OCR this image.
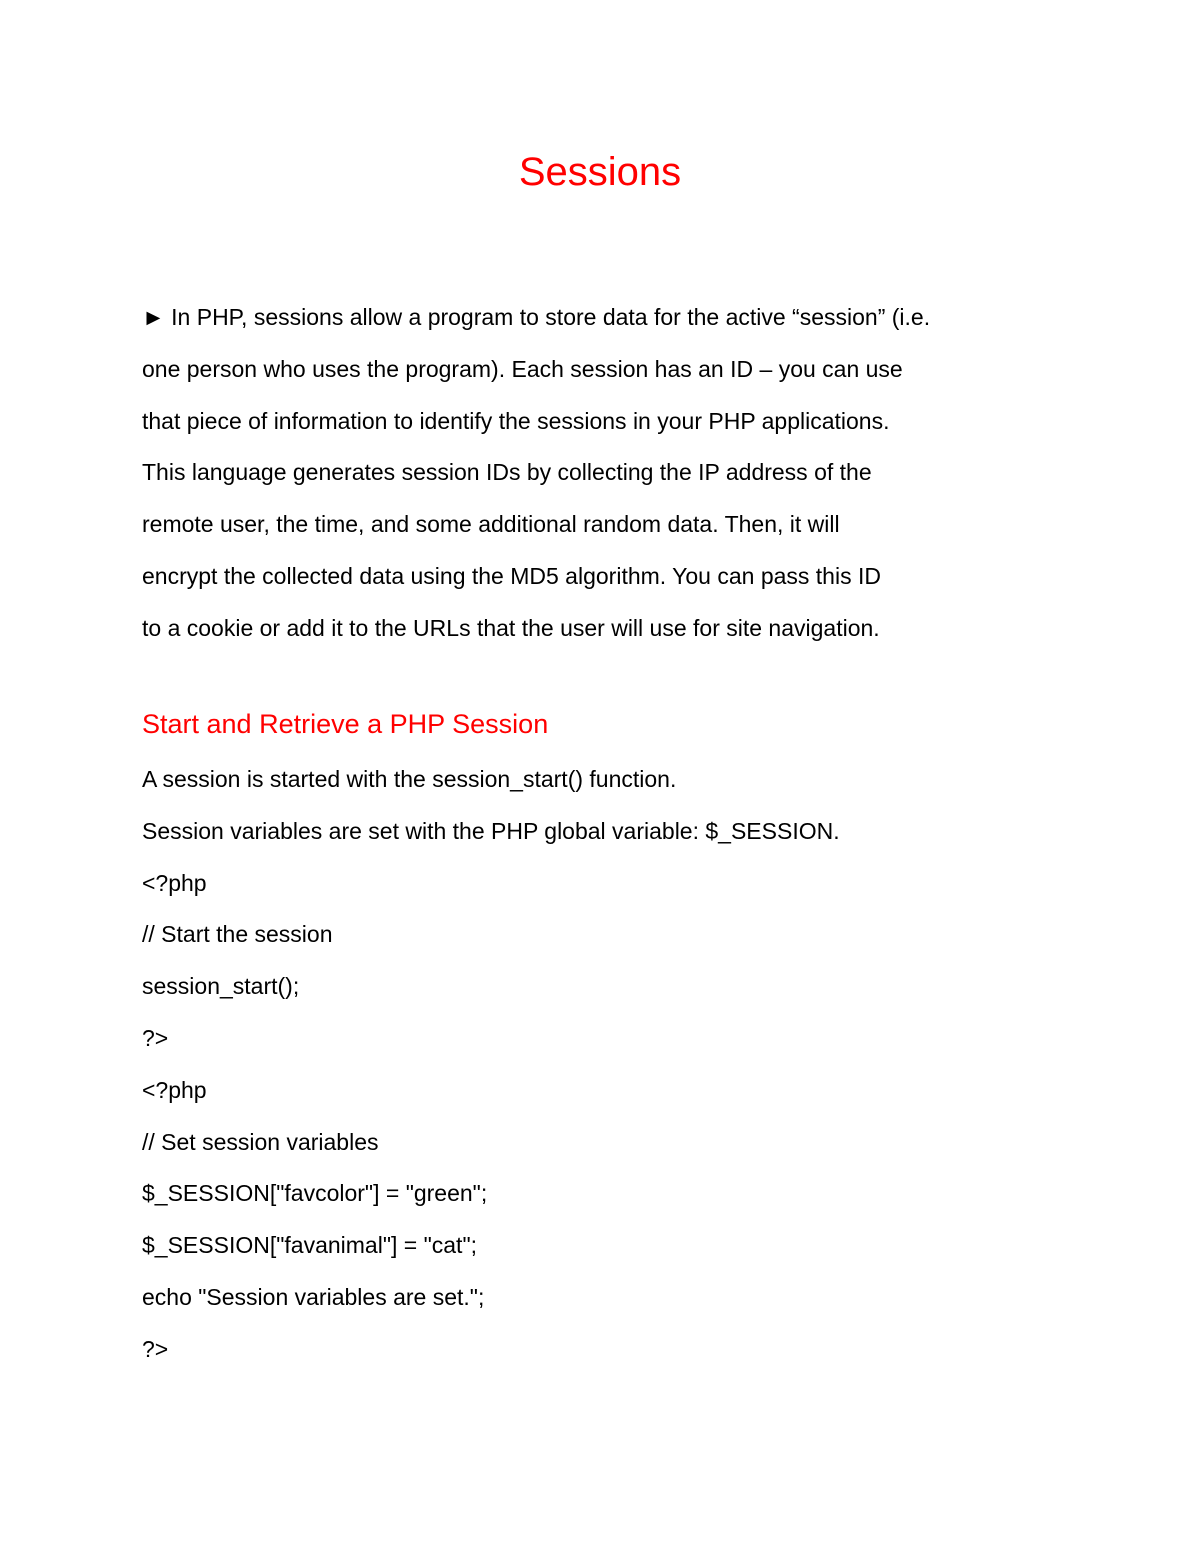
Sessions
► In PHP, sessions allow a program to store data for the active “session” (i.e.
one person who uses the program). Each session has an ID – you can use
that piece of information to identify the sessions in your PHP applications.
This language generates session IDs by collecting the IP address of the
remote user, the time, and some additional random data. Then, it will
encrypt the collected data using the MD5 algorithm. You can pass this ID
to a cookie or add it to the URLs that the user will use for site navigation.
Start and Retrieve a PHP Session
A session is started with the session_start() function.
Session variables are set with the PHP global variable: $_SESSION.
<?php
// Start the session
session_start();
?>
<?php
// Set session variables
$_SESSION["favcolor"] = "green";
$_SESSION["favanimal"] = "cat";
echo "Session variables are set.";
?>
